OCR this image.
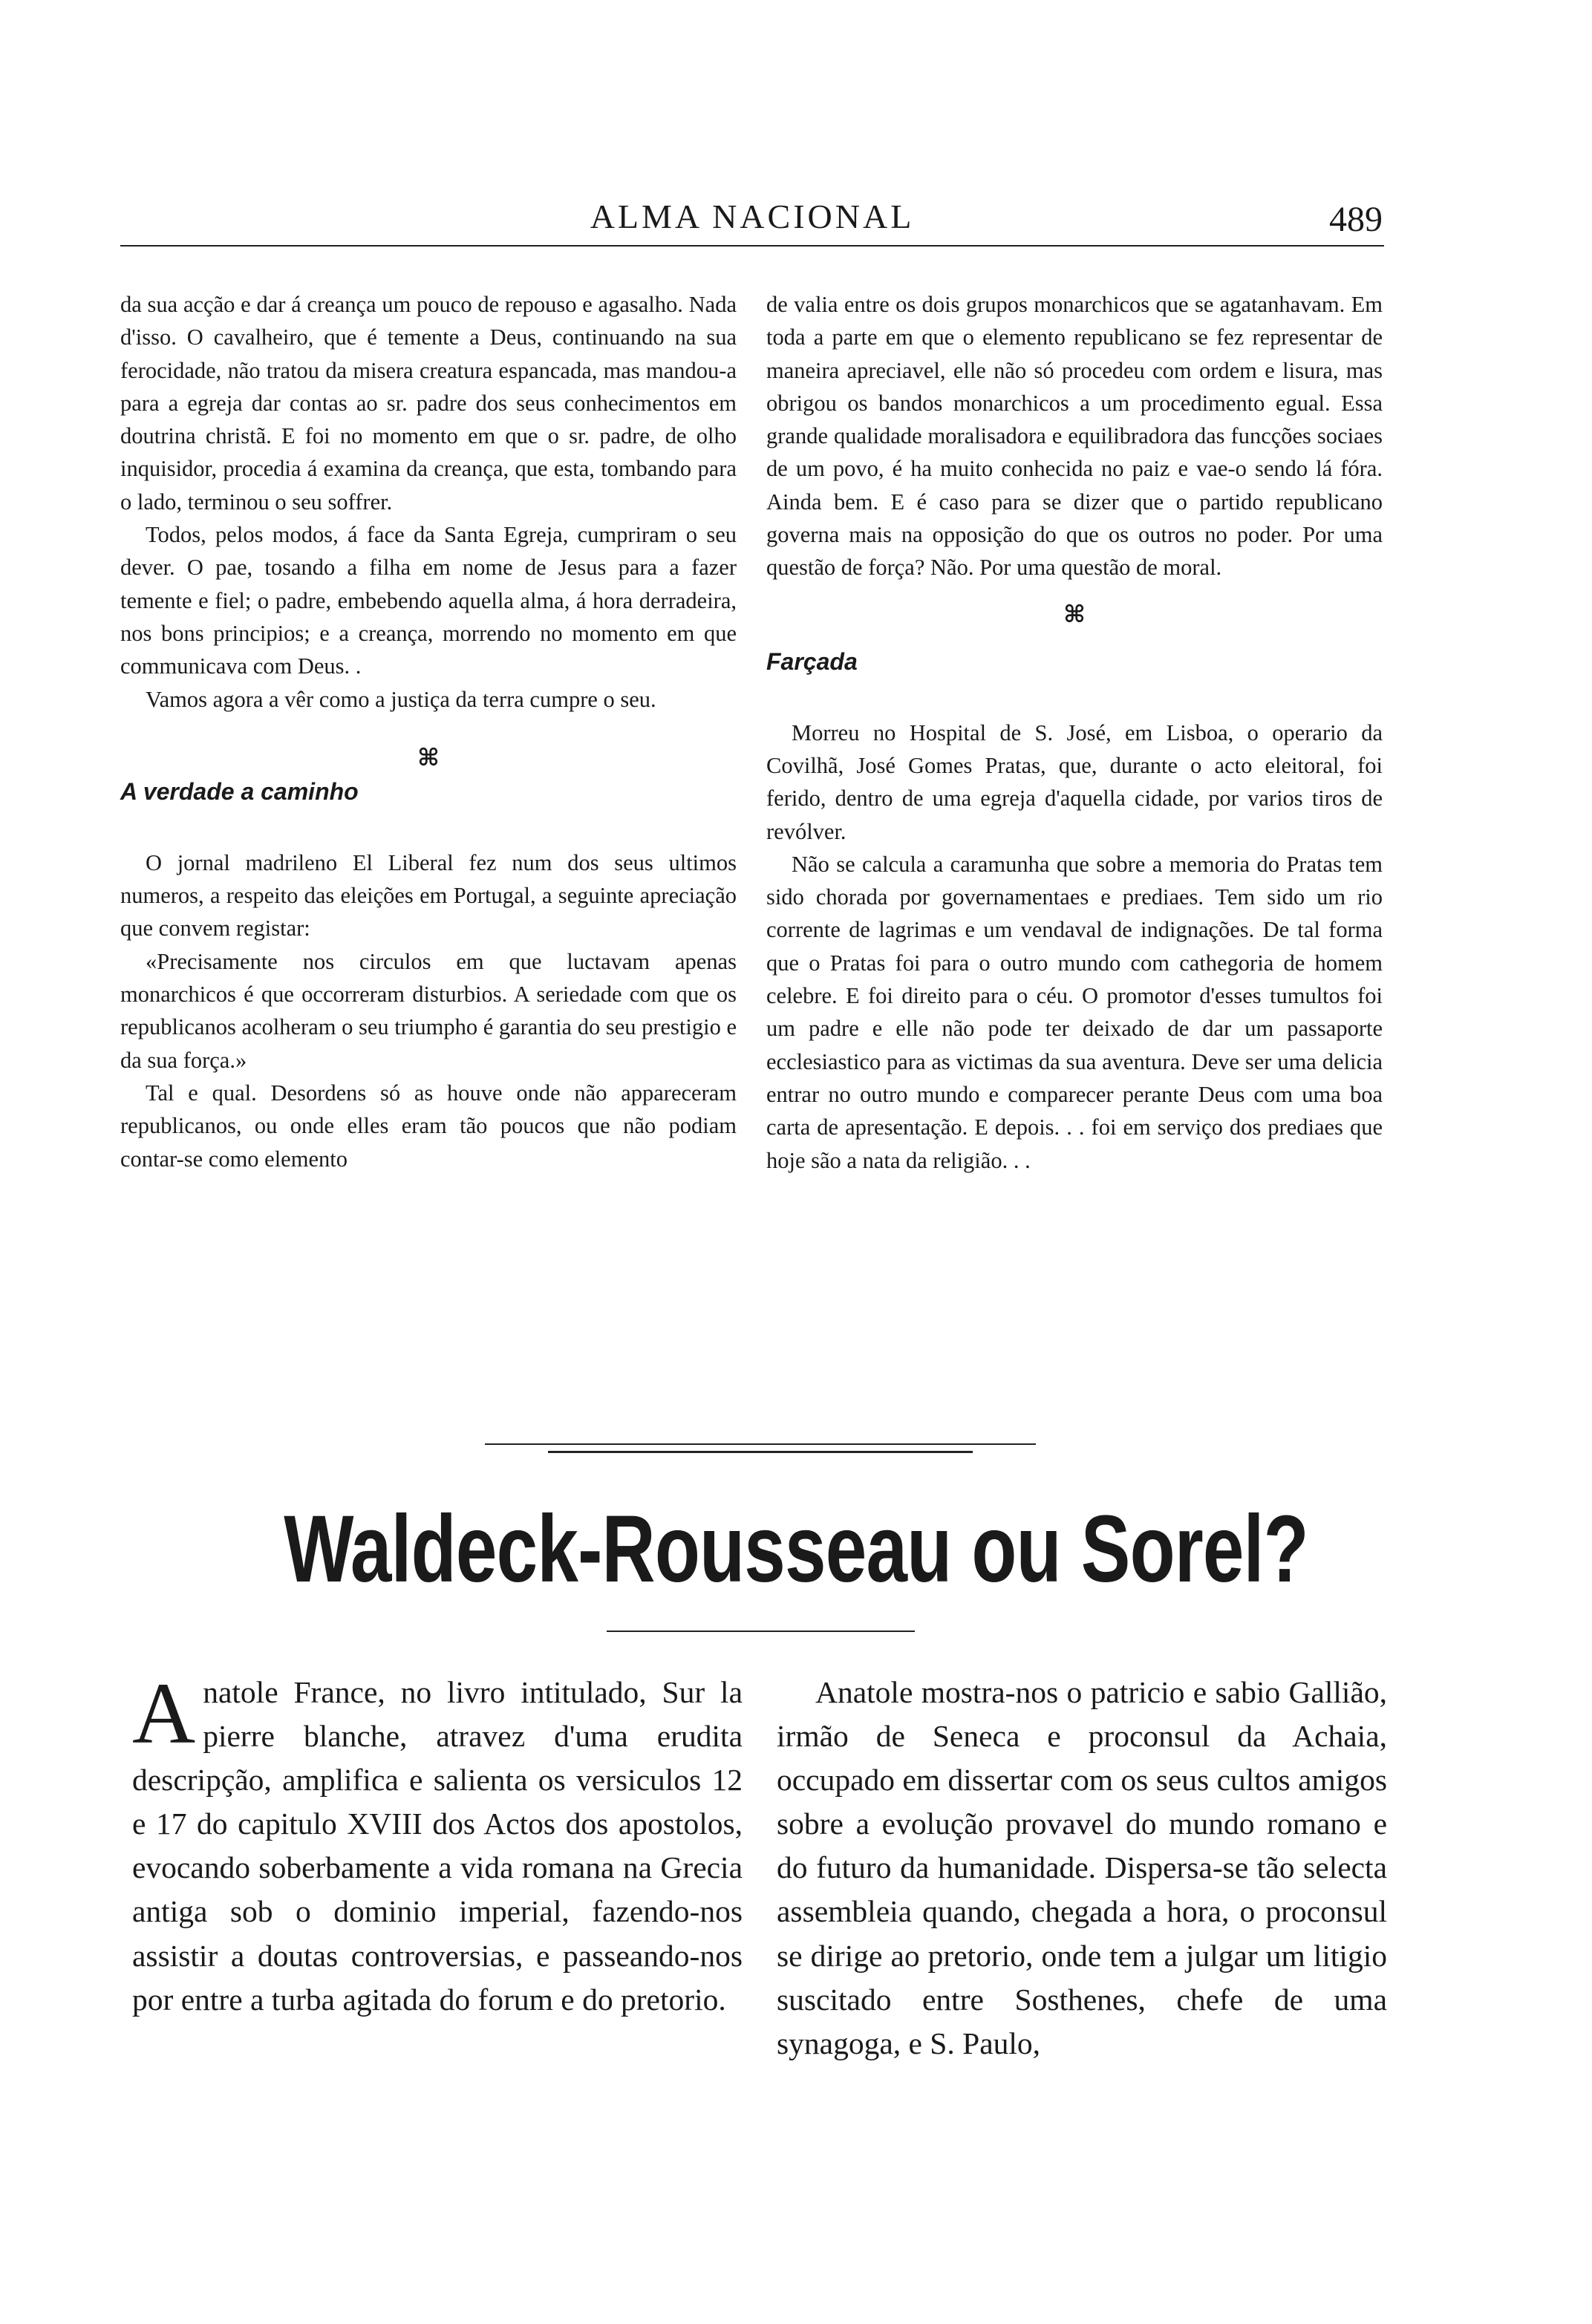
ALMA NACIONAL	489

da sua acção e dar á creança um pouco de repouso e agasalho. Nada d'isso. O cavalheiro, que é temente a Deus, continuando na sua ferocidade, não tratou da misera creatura espancada, mas mandou-a para a egreja dar contas ao sr. padre dos seus conhecimentos em doutrina christã. E foi no momento em que o sr. padre, de olho inquisidor, procedia á examina da creança, que esta, tombando para o lado, terminou o seu soffrer.

Todos, pelos modos, á face da Santa Egreja, cumpriram o seu dever. O pae, tosando a filha em nome de Jesus para a fazer temente e fiel; o padre, embebendo aquella alma, á hora derradeira, nos bons principios; e a creança, morrendo no momento em que communicava com Deus. .

Vamos agora a vêr como a justiça da terra cumpre o seu.

⌘
A verdade a caminho

O jornal madrileno El Liberal fez num dos seus ultimos numeros, a respeito das eleições em Portugal, a seguinte apreciação que convem registar:

«Precisamente nos circulos em que luctavam apenas monarchicos é que occorreram disturbios. A seriedade com que os republicanos acolheram o seu triumpho é garantia do seu prestigio e da sua força.»

Tal e qual. Desordens só as houve onde não appareceram republicanos, ou onde elles eram tão poucos que não podiam contar-se como elemento

de valia entre os dois grupos monarchicos que se agatanhavam. Em toda a parte em que o elemento republicano se fez representar de maneira apreciavel, elle não só procedeu com ordem e lisura, mas obrigou os bandos monarchicos a um procedimento egual. Essa grande qualidade moralisadora e equilibradora das funcções sociaes de um povo, é ha muito conhecida no paiz e vae-o sendo lá fóra. Ainda bem. E é caso para se dizer que o partido republicano governa mais na opposição do que os outros no poder. Por uma questão de força? Não. Por uma questão de moral.

⌘
Farçada

Morreu no Hospital de S. José, em Lisboa, o operario da Covilhã, José Gomes Pratas, que, durante o acto eleitoral, foi ferido, dentro de uma egreja d'aquella cidade, por varios tiros de revólver.

Não se calcula a caramunha que sobre a memoria do Pratas tem sido chorada por governamentaes e prediaes. Tem sido um rio corrente de lagrimas e um vendaval de indignações. De tal forma que o Pratas foi para o outro mundo com cathegoria de homem celebre. E foi direito para o céu. O promotor d'esses tumultos foi um padre e elle não pode ter deixado de dar um passaporte ecclesiastico para as victimas da sua aventura. Deve ser uma delicia entrar no outro mundo e comparecer perante Deus com uma boa carta de apresentação. E depois. . . foi em serviço dos prediaes que hoje são a nata da religião. . .

Waldeck-Rousseau ou Sorel?

Anatole France, no livro intitulado, Sur la pierre blanche, atravez d'uma erudita descripção, amplifica e salienta os versiculos 12 e 17 do capitulo XVIII dos Actos dos apostolos, evocando soberbamente a vida romana na Grecia antiga sob o dominio imperial, fazendo-nos assistir a doutas controversias, e passeando-nos por entre a turba agitada do forum e do pretorio.

Anatole mostra-nos o patricio e sabio Gallião, irmão de Seneca e proconsul da Achaia, occupado em dissertar com os seus cultos amigos sobre a evolução provavel do mundo romano e do futuro da humanidade. Dispersa-se tão selecta assembleia quando, chegada a hora, o proconsul se dirige ao pretorio, onde tem a julgar um litigio suscitado entre Sosthenes, chefe de uma synagoga, e S. Paulo,
